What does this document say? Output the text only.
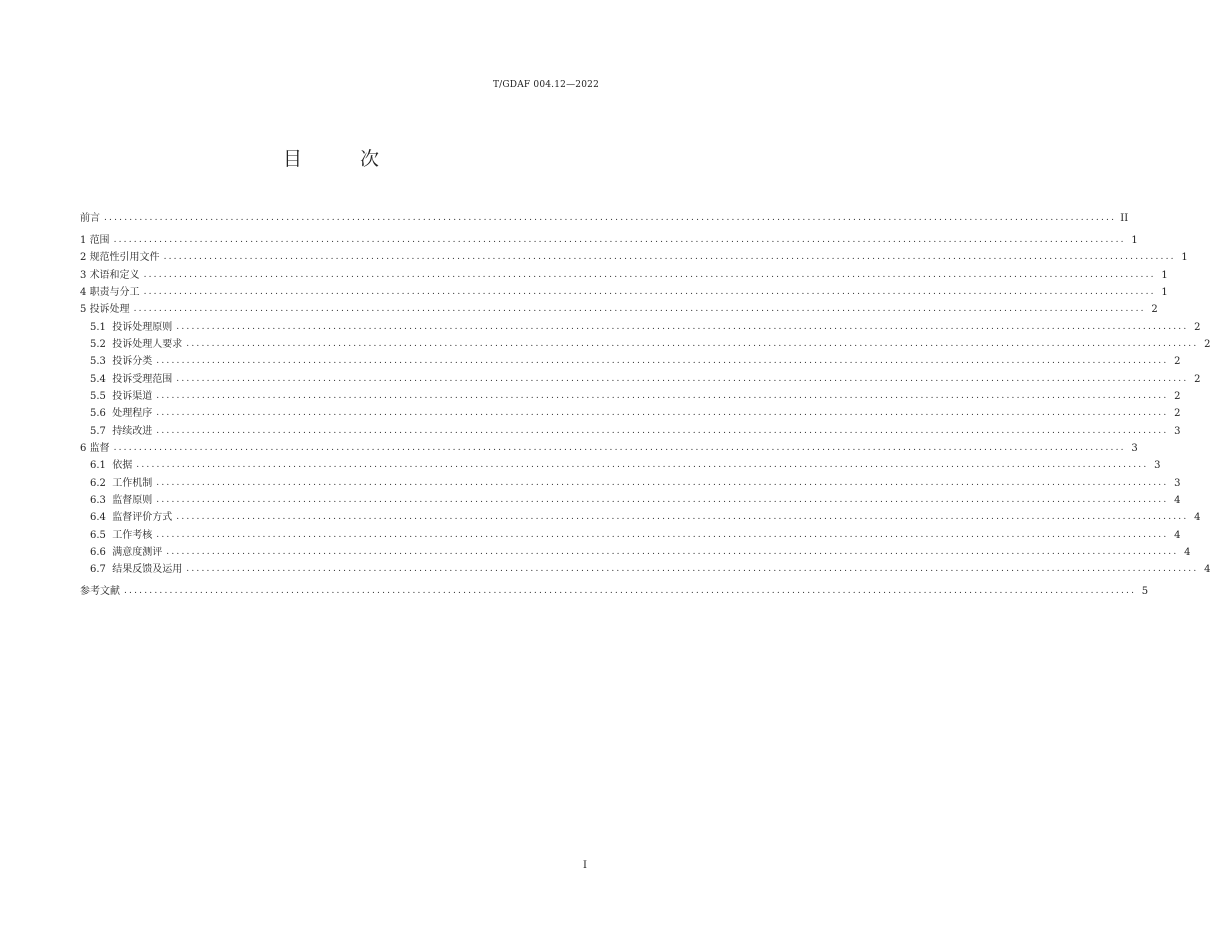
T/GDAF 004.12—2022
目 次
前言 ........................................................................................................................................................................................................ II
1
范围 ........................................................................................................................................................................................................ 1
2
规范性引用文件 ........................................................................................................................................................................................................ 1
3
术语和定义 ........................................................................................................................................................................................................ 1
4
职责与分工 ........................................................................................................................................................................................................ 1
5
投诉处理 ........................................................................................................................................................................................................ 2
5.1
投诉处理原则 ........................................................................................................................................................................................................ 2
5.2
投诉处理人要求 ........................................................................................................................................................................................................ 2
5.3
投诉分类 ........................................................................................................................................................................................................ 2
5.4
投诉受理范围 ........................................................................................................................................................................................................ 2
5.5
投诉渠道 ........................................................................................................................................................................................................ 2
5.6
处理程序 ........................................................................................................................................................................................................ 2
5.7
持续改进 ........................................................................................................................................................................................................ 3
6
监督 ........................................................................................................................................................................................................ 3
6.1
依据 ........................................................................................................................................................................................................ 3
6.2
工作机制 ........................................................................................................................................................................................................ 3
6.3
监督原则 ........................................................................................................................................................................................................ 4
6.4
监督评价方式 ........................................................................................................................................................................................................ 4
6.5
工作考核 ........................................................................................................................................................................................................ 4
6.6
满意度测评 ........................................................................................................................................................................................................ 4
6.7
结果反馈及运用 ........................................................................................................................................................................................................ 4
参考文献 ........................................................................................................................................................................................................ 5
I
